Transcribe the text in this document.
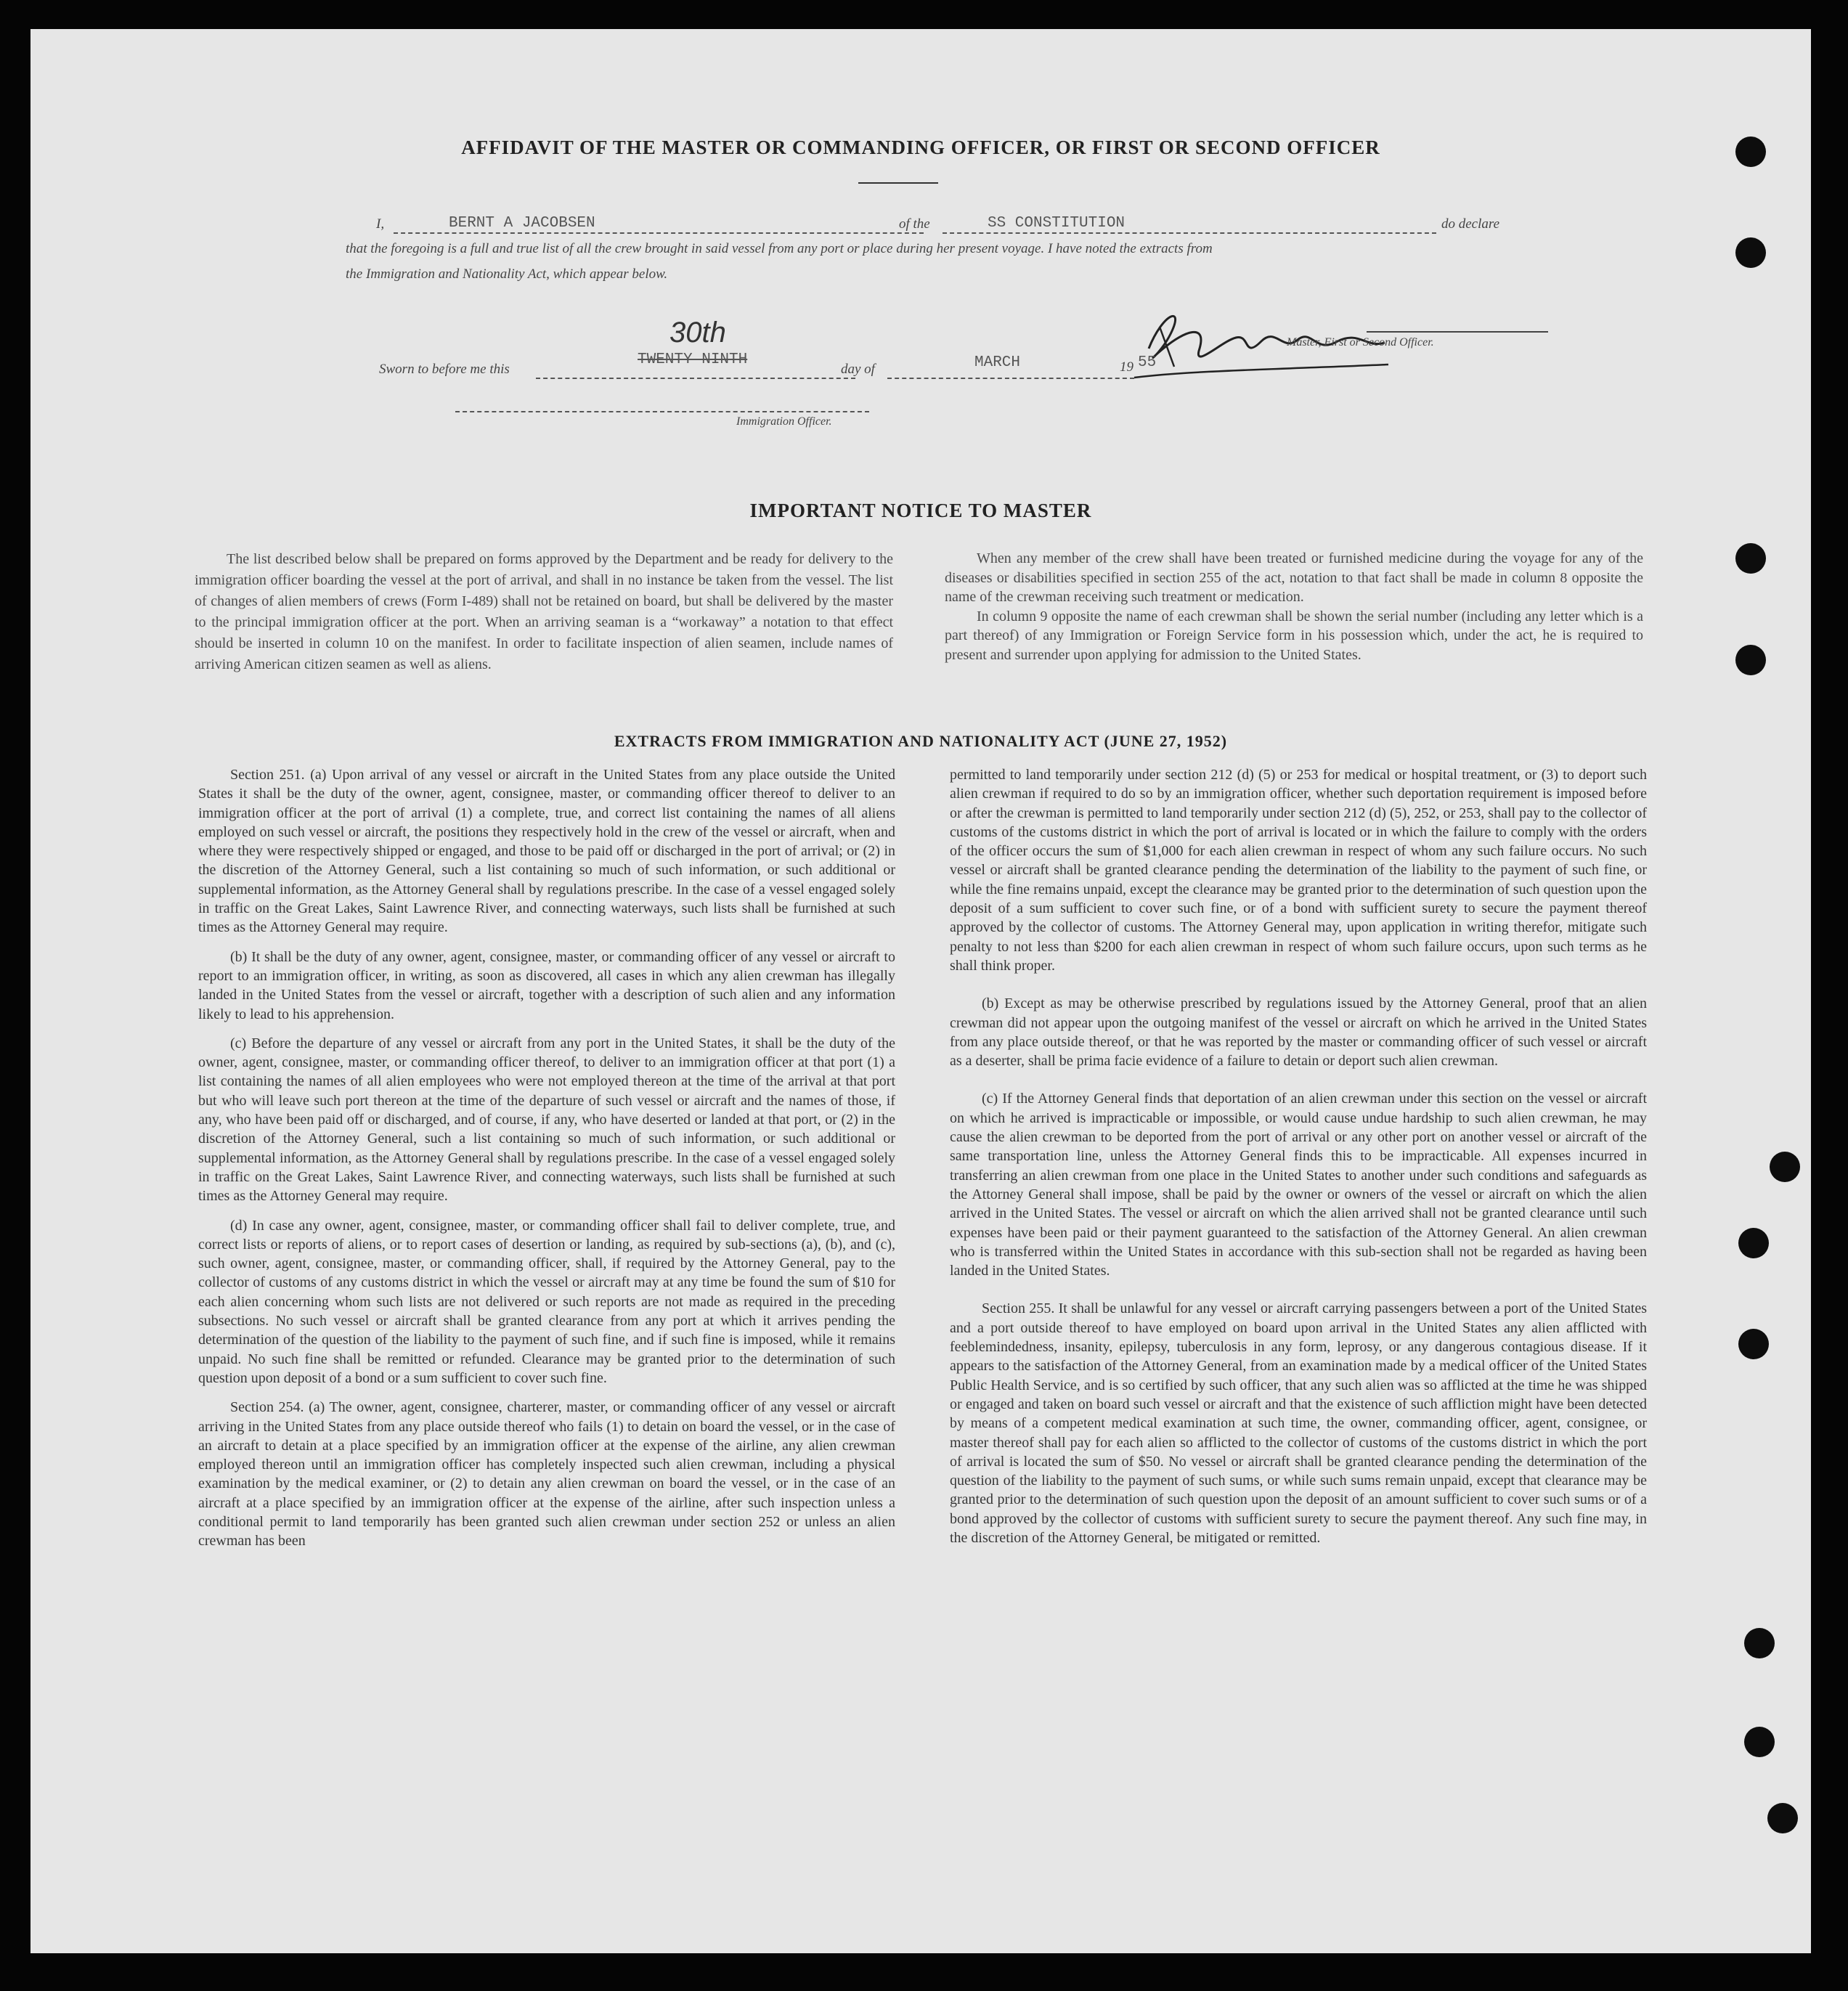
AFFIDAVIT OF THE MASTER OR COMMANDING OFFICER, OR FIRST OR SECOND OFFICER
I,	BERNT A JACOBSEN	of the	SS CONSTITUTION	do declare
that the foregoing is a full and true list of all the crew brought in said vessel from any port or place during her present voyage. I have noted the extracts from
the Immigration and Nationality Act, which appear below.
Master, First or Second Officer.
Sworn to before me this
30th
TWENTY NINTH
day of	MARCH	19 55
Immigration Officer.
IMPORTANT NOTICE TO MASTER

The list described below shall be prepared on forms approved by the Department and be ready for delivery to the immigration officer boarding the vessel at the port of arrival, and shall in no instance be taken from the vessel. The list of changes of alien members of crews (Form I-489) shall not be retained on board, but shall be delivered by the master to the principal immigration officer at the port. When an arriving seaman is a “workaway” a notation to that effect should be inserted in column 10 on the manifest. In order to facilitate inspection of alien seamen, include names of arriving American citizen seamen as well as aliens.

When any member of the crew shall have been treated or furnished medicine during the voyage for any of the diseases or disabilities specified in section 255 of the act, notation to that fact shall be made in column 8 opposite the name of the crewman receiving such treatment or medication.

In column 9 opposite the name of each crewman shall be shown the serial number (including any letter which is a part thereof) of any Immigration or Foreign Service form in his possession which, under the act, he is required to present and surrender upon applying for admission to the United States.

EXTRACTS FROM IMMIGRATION AND NATIONALITY ACT (JUNE 27, 1952)

Section 251. (a) Upon arrival of any vessel or aircraft in the United States from any place outside the United States it shall be the duty of the owner, agent, consignee, master, or commanding officer thereof to deliver to an immigration officer at the port of arrival (1) a complete, true, and correct list containing the names of all aliens employed on such vessel or aircraft, the positions they respectively hold in the crew of the vessel or aircraft, when and where they were respectively shipped or engaged, and those to be paid off or discharged in the port of arrival; or (2) in the discretion of the Attorney General, such a list containing so much of such information, or such additional or supplemental information, as the Attorney General shall by regulations prescribe. In the case of a vessel engaged solely in traffic on the Great Lakes, Saint Lawrence River, and connecting waterways, such lists shall be furnished at such times as the Attorney General may require.

(b) It shall be the duty of any owner, agent, consignee, master, or commanding officer of any vessel or aircraft to report to an immigration officer, in writing, as soon as discovered, all cases in which any alien crewman has illegally landed in the United States from the vessel or aircraft, together with a description of such alien and any information likely to lead to his apprehension.

(c) Before the departure of any vessel or aircraft from any port in the United States, it shall be the duty of the owner, agent, consignee, master, or commanding officer thereof, to deliver to an immigration officer at that port (1) a list containing the names of all alien employees who were not employed thereon at the time of the arrival at that port but who will leave such port thereon at the time of the departure of such vessel or aircraft and the names of those, if any, who have been paid off or discharged, and of course, if any, who have deserted or landed at that port, or (2) in the discretion of the Attorney General, such a list containing so much of such information, or such additional or supplemental information, as the Attorney General shall by regulations prescribe. In the case of a vessel engaged solely in traffic on the Great Lakes, Saint Lawrence River, and connecting waterways, such lists shall be furnished at such times as the Attorney General may require.

(d) In case any owner, agent, consignee, master, or commanding officer shall fail to deliver complete, true, and correct lists or reports of aliens, or to report cases of desertion or landing, as required by sub-sections (a), (b), and (c), such owner, agent, consignee, master, or commanding officer, shall, if required by the Attorney General, pay to the collector of customs of any customs district in which the vessel or aircraft may at any time be found the sum of $10 for each alien concerning whom such lists are not delivered or such reports are not made as required in the preceding subsections. No such vessel or aircraft shall be granted clearance from any port at which it arrives pending the determination of the question of the liability to the payment of such fine, and if such fine is imposed, while it remains unpaid. No such fine shall be remitted or refunded. Clearance may be granted prior to the determination of such question upon deposit of a bond or a sum sufficient to cover such fine.

Section 254. (a) The owner, agent, consignee, charterer, master, or commanding officer of any vessel or aircraft arriving in the United States from any place outside thereof who fails (1) to detain on board the vessel, or in the case of an aircraft to detain at a place specified by an immigration officer at the expense of the airline, any alien crewman employed thereon until an immigration officer has completely inspected such alien crewman, including a physical examination by the medical examiner, or (2) to detain any alien crewman on board the vessel, or in the case of an aircraft at a place specified by an immigration officer at the expense of the airline, after such inspection unless a conditional permit to land temporarily has been granted such alien crewman under section 252 or unless an alien crewman has been

permitted to land temporarily under section 212 (d) (5) or 253 for medical or hospital treatment, or (3) to deport such alien crewman if required to do so by an immigration officer, whether such deportation requirement is imposed before or after the crewman is permitted to land temporarily under section 212 (d) (5), 252, or 253, shall pay to the collector of customs of the customs district in which the port of arrival is located or in which the failure to comply with the orders of the officer occurs the sum of $1,000 for each alien crewman in respect of whom any such failure occurs. No such vessel or aircraft shall be granted clearance pending the determination of the liability to the payment of such fine, or while the fine remains unpaid, except the clearance may be granted prior to the determination of such question upon the deposit of a sum sufficient to cover such fine, or of a bond with sufficient surety to secure the payment thereof approved by the collector of customs. The Attorney General may, upon application in writing therefor, mitigate such penalty to not less than $200 for each alien crewman in respect of whom such failure occurs, upon such terms as he shall think proper.

(b) Except as may be otherwise prescribed by regulations issued by the Attorney General, proof that an alien crewman did not appear upon the outgoing manifest of the vessel or aircraft on which he arrived in the United States from any place outside thereof, or that he was reported by the master or commanding officer of such vessel or aircraft as a deserter, shall be prima facie evidence of a failure to detain or deport such alien crewman.

(c) If the Attorney General finds that deportation of an alien crewman under this section on the vessel or aircraft on which he arrived is impracticable or impossible, or would cause undue hardship to such alien crewman, he may cause the alien crewman to be deported from the port of arrival or any other port on another vessel or aircraft of the same transportation line, unless the Attorney General finds this to be impracticable. All expenses incurred in transferring an alien crewman from one place in the United States to another under such conditions and safeguards as the Attorney General shall impose, shall be paid by the owner or owners of the vessel or aircraft on which the alien arrived in the United States. The vessel or aircraft on which the alien arrived shall not be granted clearance until such expenses have been paid or their payment guaranteed to the satisfaction of the Attorney General. An alien crewman who is transferred within the United States in accordance with this sub-section shall not be regarded as having been landed in the United States.

Section 255. It shall be unlawful for any vessel or aircraft carrying passengers between a port of the United States and a port outside thereof to have employed on board upon arrival in the United States any alien afflicted with feeblemindedness, insanity, epilepsy, tuberculosis in any form, leprosy, or any dangerous contagious disease. If it appears to the satisfaction of the Attorney General, from an examination made by a medical officer of the United States Public Health Service, and is so certified by such officer, that any such alien was so afflicted at the time he was shipped or engaged and taken on board such vessel or aircraft and that the existence of such affliction might have been detected by means of a competent medical examination at such time, the owner, commanding officer, agent, consignee, or master thereof shall pay for each alien so afflicted to the collector of customs of the customs district in which the port of arrival is located the sum of $50. No vessel or aircraft shall be granted clearance pending the determination of the question of the liability to the payment of such sums, or while such sums remain unpaid, except that clearance may be granted prior to the determination of such question upon the deposit of an amount sufficient to cover such sums or of a bond approved by the collector of customs with sufficient surety to secure the payment thereof. Any such fine may, in the discretion of the Attorney General, be mitigated or remitted.
